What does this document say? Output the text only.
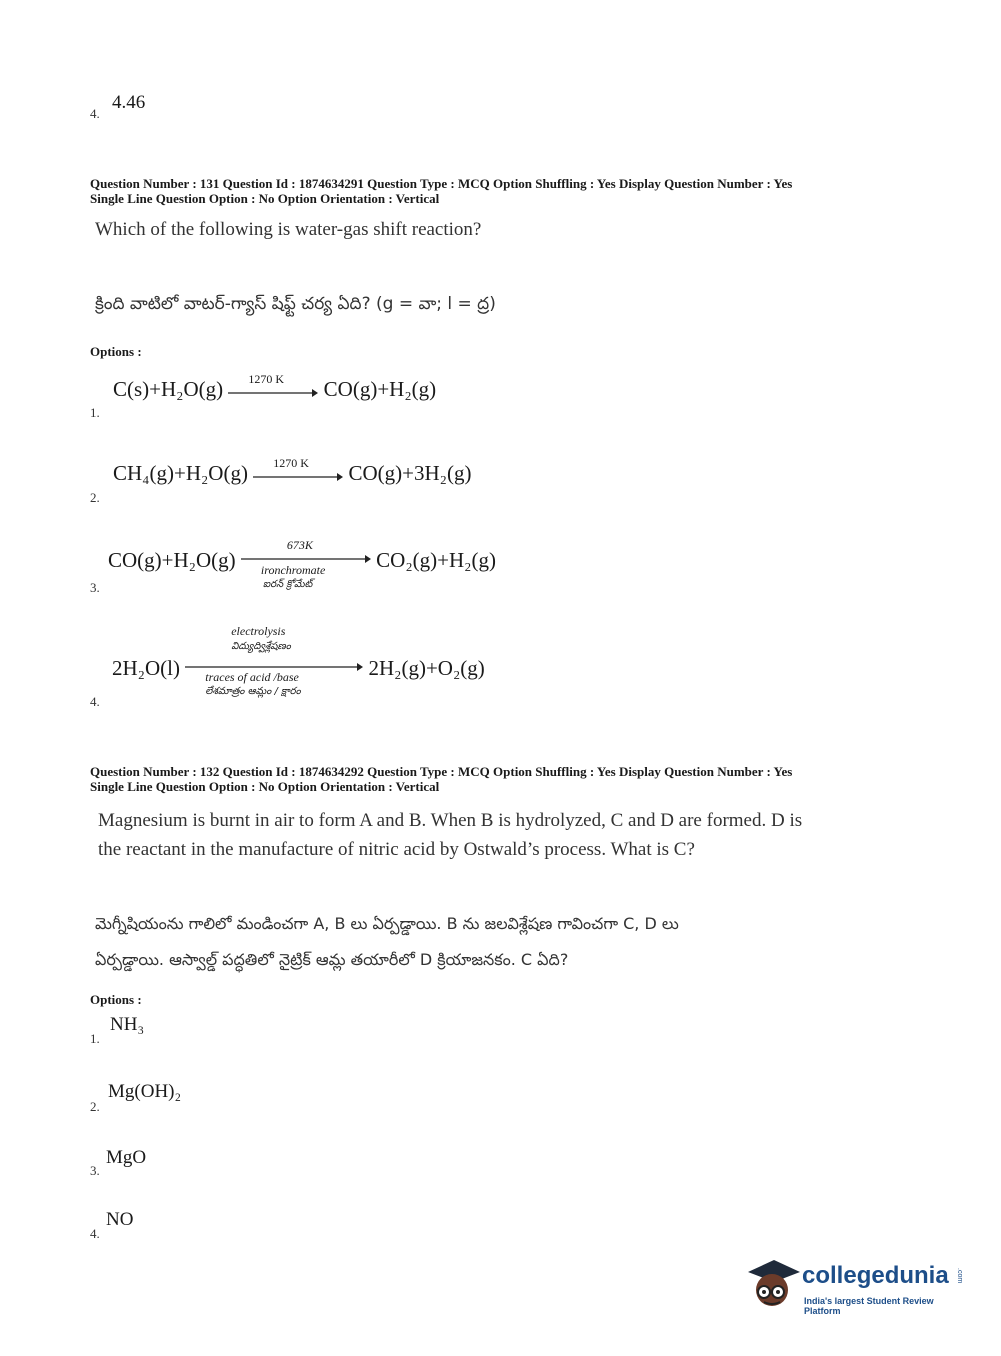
4.
4.46
Question Number : 131 Question Id : 1874634291 Question Type : MCQ Option Shuffling : Yes Display Question Number : Yes
Single Line Question Option : No Option Orientation : Vertical
Which of the following is water-gas shift reaction?
క్రింది వాటిలో వాటర్-గ్యాస్ షిఫ్ట్ చర్య ఏది? (g = వా; l = ద్ర)
Options :
1.
C(s)+H₂O(g) 1270 K CO(g)+H₂(g)
2.
CH₄(g)+H₂O(g) 1270 K CO(g)+3H₂(g)
3.
CO(g)+H₂O(g)
673K
ironchromate
ఐరన్ క్రోమేట్
CO₂(g)+H₂(g)
4.
2H₂O(l)
electrolysis
విద్యుద్విశ్లేషణం
traces of acid /base
లేశమాత్రం ఆమ్లం / క్షారం
2H₂(g)+O₂(g)
Question Number : 132 Question Id : 1874634292 Question Type : MCQ Option Shuffling : Yes Display Question Number : Yes
Single Line Question Option : No Option Orientation : Vertical
Magnesium is burnt in air to form A and B. When B is hydrolyzed, C and D are formed. D is
the reactant in the manufacture of nitric acid by Ostwald’s process. What is C?
మెగ్నీషియంను గాలిలో మండించగా A, B లు ఏర్పడ్డాయి. B ను జలవిశ్లేషణ గావించగా C, D లు
ఏర్పడ్డాయి. ఆస్వాల్డ్ పద్ధతిలో నైట్రిక్ ఆమ్ల తయారీలో D క్రియాజనకం. C ఏది?
Options :
1.
NH₃
2.
Mg(OH)₂
3.
MgO
4.
NO
collegedunia .com
India's largest Student Review Platform
